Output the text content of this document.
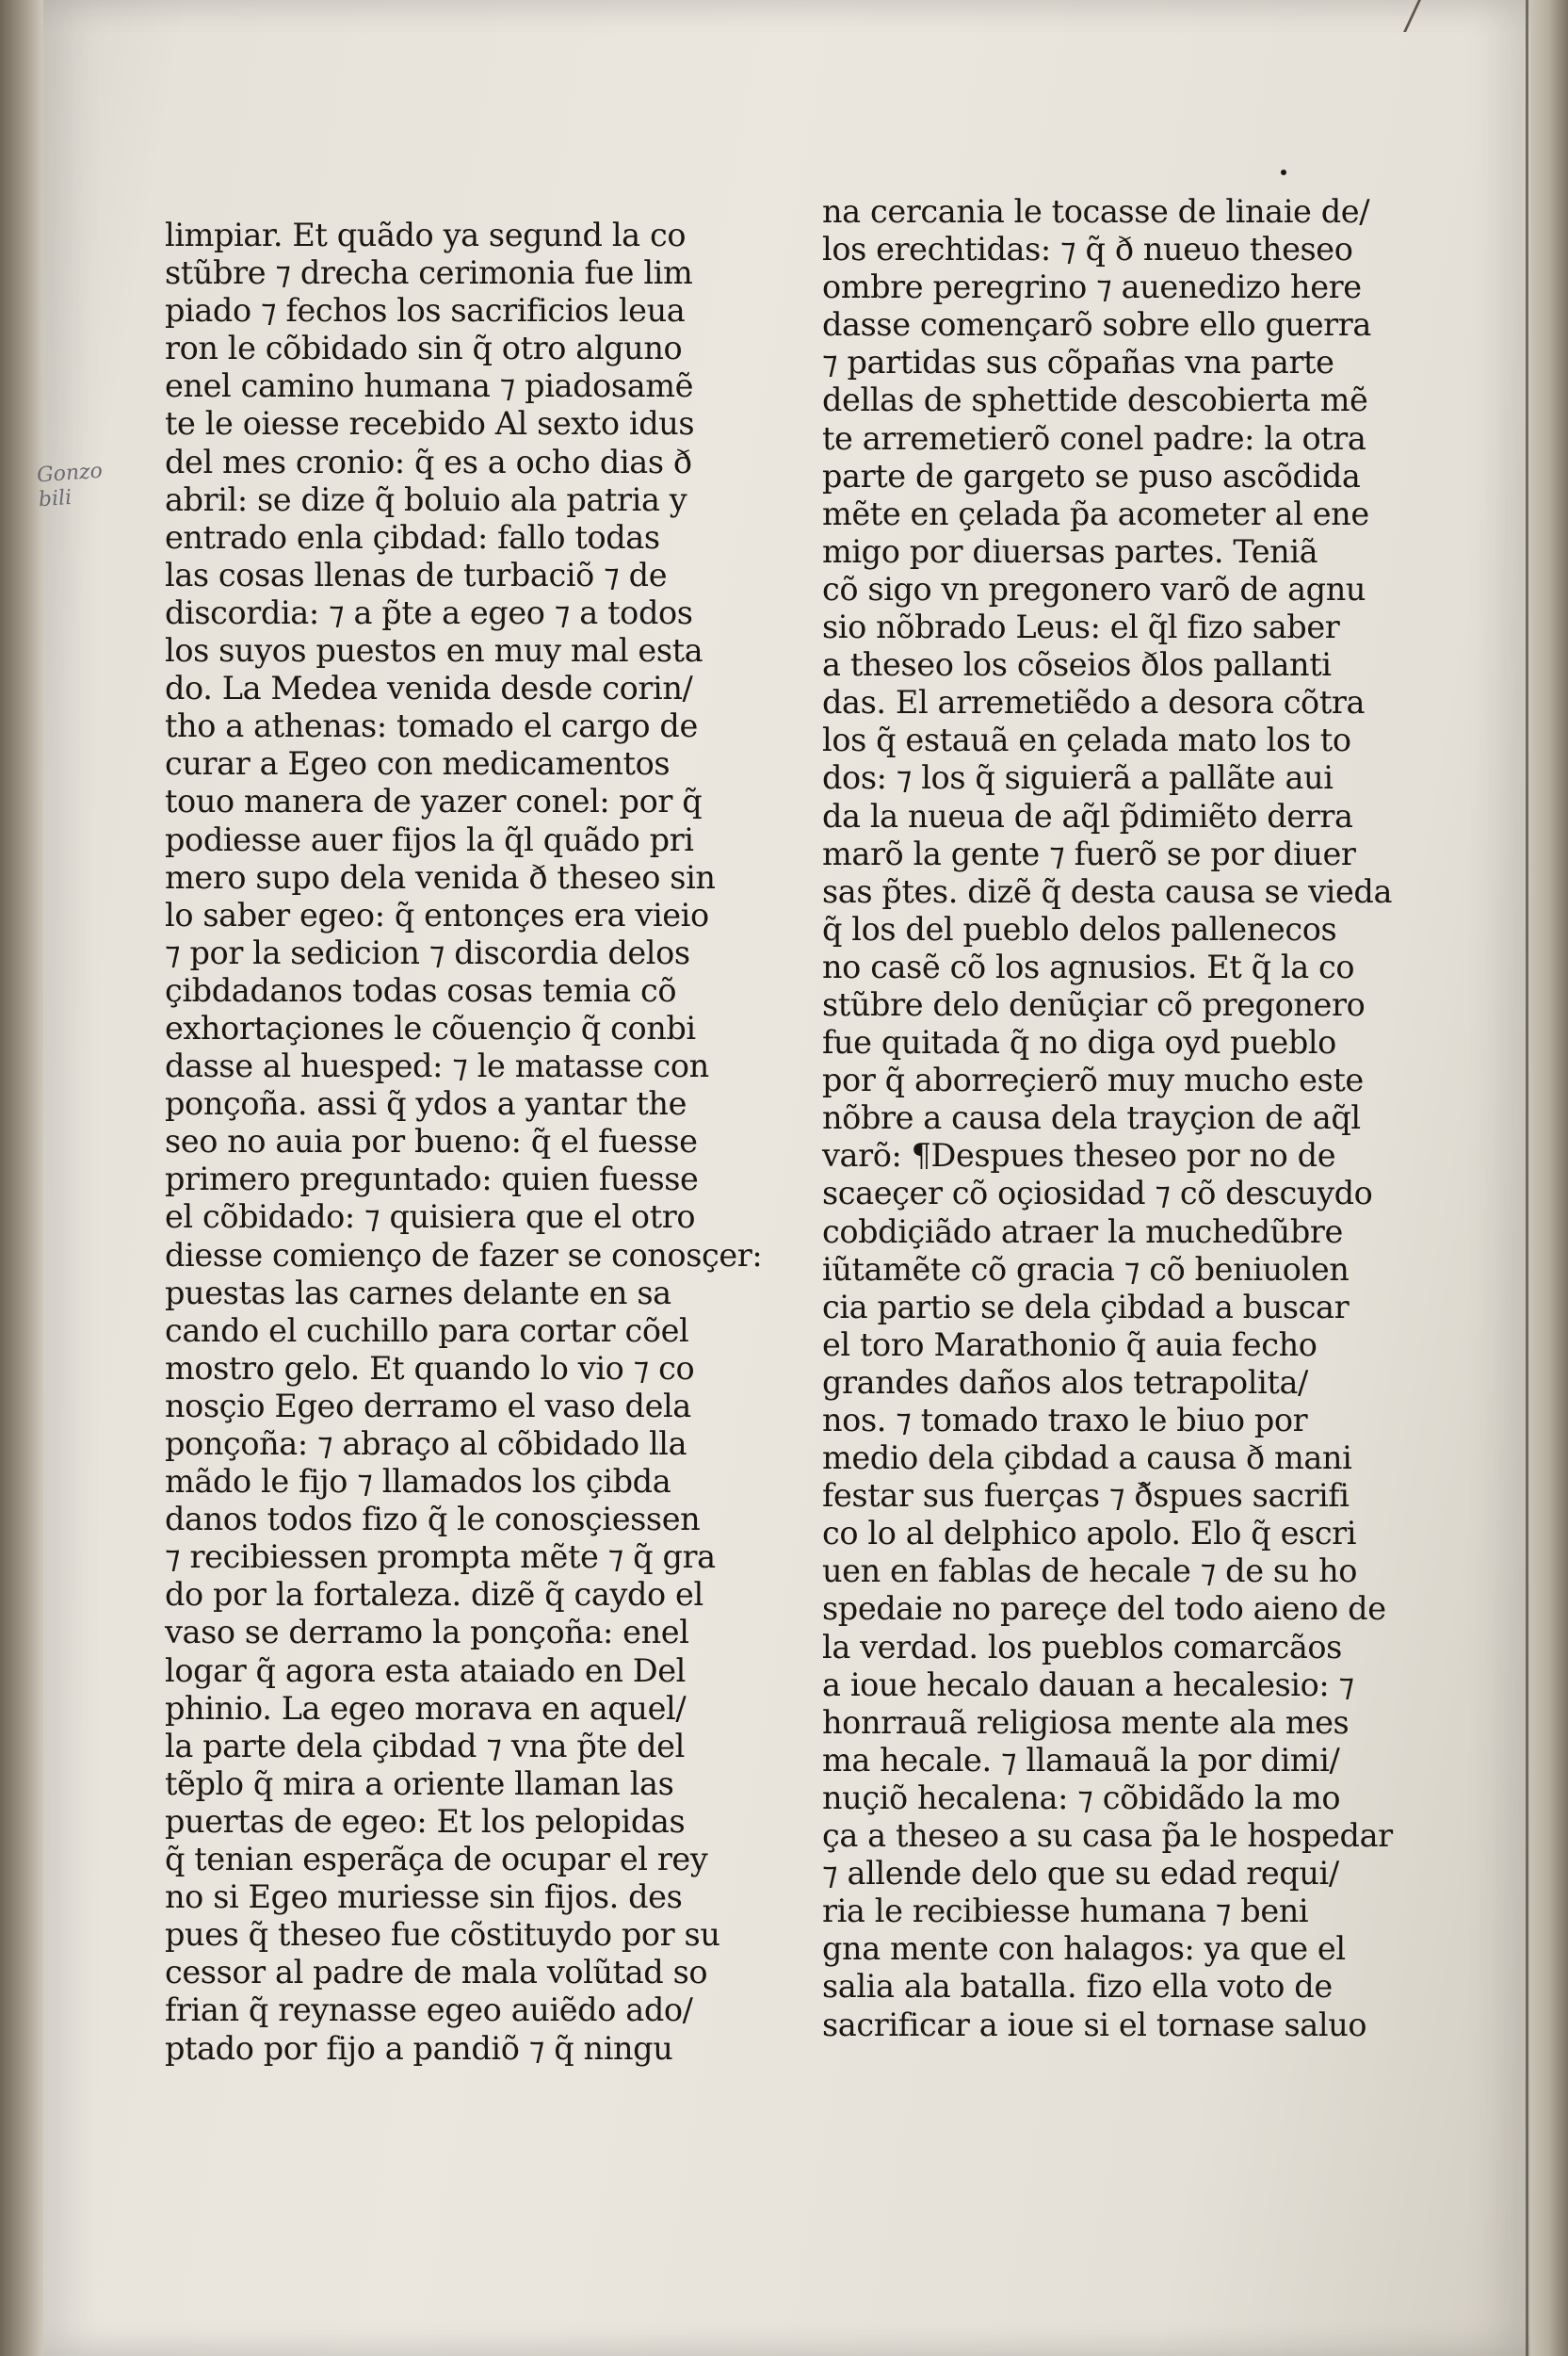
Gonzo
bili
limpiar. Et quãdo ya segund la co
stũbre ⁊ drecha cerimonia fue lim
piado ⁊ fechos los sacrificios leua
ron le cõbidado sin q̃ otro alguno
enel camino humana ⁊ piadosamẽ
te le oiesse recebido Al sexto idus
del mes cronio: q̃ es a ocho dias ð
abril: se dize q̃ boluio ala patria y
entrado enla çibdad: fallo todas
las cosas llenas de turbaciõ ⁊ de
discordia: ⁊ a p̃te a egeo ⁊ a todos
los suyos puestos en muy mal esta
do. La Medea venida desde corin/
tho a athenas: tomado el cargo de
curar a Egeo con medicamentos
touo manera de yazer conel: por q̃
podiesse auer fijos la q̃l quãdo pri
mero supo dela venida ð theseo sin
lo saber egeo: q̃ entonçes era vieio
⁊ por la sedicion ⁊ discordia delos
çibdadanos todas cosas temia cõ
exhortaçiones le cõuençio q̃ conbi
dasse al huesped: ⁊ le matasse con
ponçoña. assi q̃ ydos a yantar the
seo no auia por bueno: q̃ el fuesse
primero preguntado: quien fuesse
el cõbidado: ⁊ quisiera que el otro
diesse comienço de fazer se conosçer:
puestas las carnes delante en sa
cando el cuchillo para cortar cõel
mostro gelo. Et quando lo vio ⁊ co
nosçio Egeo derramo el vaso dela
ponçoña: ⁊ abraço al cõbidado lla
mãdo le fijo ⁊ llamados los çibda
danos todos fizo q̃ le conosçiessen
⁊ recibiessen prompta mẽte ⁊ q̃ gra
do por la fortaleza. dizẽ q̃ caydo el
vaso se derramo la ponçoña: enel
logar q̃ agora esta ataiado en Del
phinio. La egeo morava en aquel/
la parte dela çibdad ⁊ vna p̃te del
tẽplo q̃ mira a oriente llaman las
puertas de egeo: Et los pelopidas
q̃ tenian esperãça de ocupar el rey
no si Egeo muriesse sin fijos. des
pues q̃ theseo fue cõstituydo por su
cessor al padre de mala volũtad so
frian q̃ reynasse egeo auiẽdo ado/
ptado por fijo a pandiõ ⁊ q̃ ningu
na cercania le tocasse de linaie de/
los erechtidas: ⁊ q̃ ð nueuo theseo
ombre peregrino ⁊ auenedizo here
dasse començarõ sobre ello guerra
⁊ partidas sus cõpañas vna parte
dellas de sphettide descobierta mẽ
te arremetierõ conel padre: la otra
parte de gargeto se puso ascõdida
mẽte en çelada p̃a acometer al ene
migo por diuersas partes. Teniã
cõ sigo vn pregonero varõ de agnu
sio nõbrado Leus: el q̃l fizo saber
a theseo los cõseios ðlos pallanti
das. El arremetiẽdo a desora cõtra
los q̃ estauã en çelada mato los to
dos: ⁊ los q̃ siguierã a pallãte aui
da la nueua de aq̃l p̃dimiẽto derra
marõ la gente ⁊ fuerõ se por diuer
sas p̃tes. dizẽ q̃ desta causa se vieda
q̃ los del pueblo delos pallenecos
no casẽ cõ los agnusios. Et q̃ la co
stũbre delo denũçiar cõ pregonero
fue quitada q̃ no diga oyd pueblo
por q̃ aborreçierõ muy mucho este
nõbre a causa dela trayçion de aq̃l
varõ: ¶Despues theseo por no de
scaeçer cõ oçiosidad ⁊ cõ descuydo
cobdiçiãdo atraer la muchedũbre
iũtamẽte cõ gracia ⁊ cõ beniuolen
cia partio se dela çibdad a buscar
el toro Marathonio q̃ auia fecho
grandes daños alos tetrapolita/
nos. ⁊ tomado traxo le biuo por
medio dela çibdad a causa ð mani
festar sus fuerças ⁊ ð̃spues sacrifi
co lo al delphico apolo. Elo q̃ escri
uen en fablas de hecale ⁊ de su ho
spedaie no pareçe del todo aieno de
la verdad. los pueblos comarcãos
a ioue hecalo dauan a hecalesio: ⁊
honrrauã religiosa mente ala mes
ma hecale. ⁊ llamauã la por dimi/
nuçiõ hecalena: ⁊ cõbidãdo la mo
ça a theseo a su casa p̃a le hospedar
⁊ allende delo que su edad requi/
ria le recibiesse humana ⁊ beni
gna mente con halagos: ya que el
salia ala batalla. fizo ella voto de
sacrificar a ioue si el tornase saluo
